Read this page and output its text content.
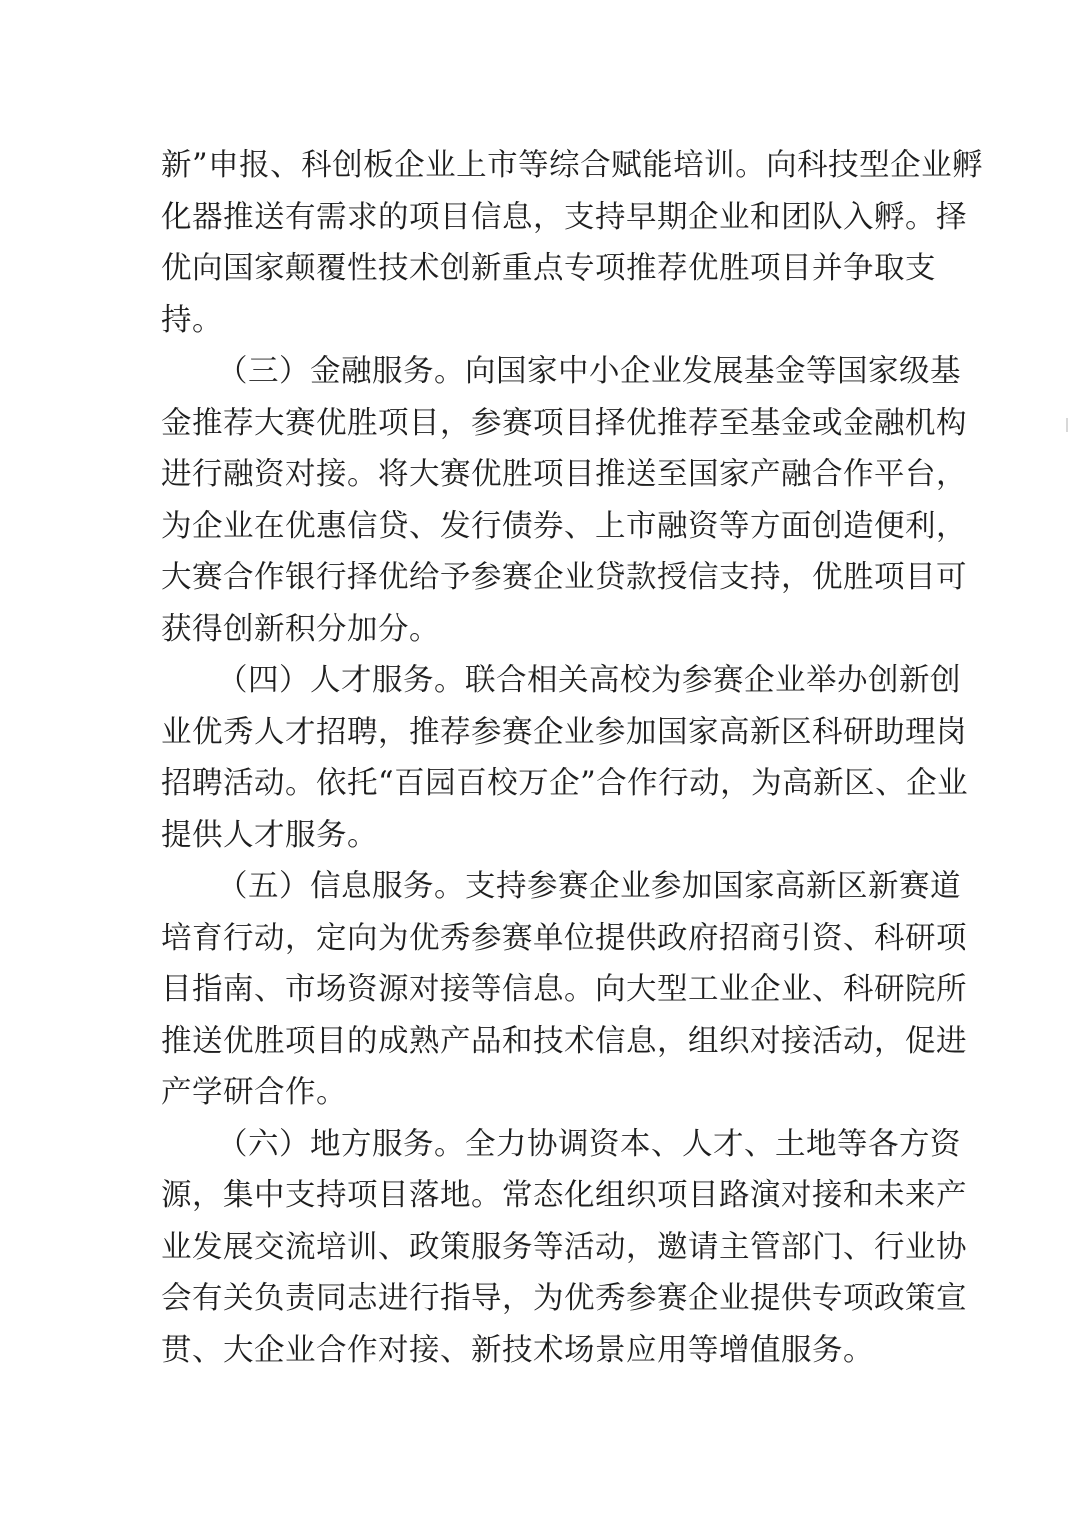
新”申报、科创板企业上市等综合赋能培训。向科技型企业孵
化器推送有需求的项目信息，支持早期企业和团队入孵。择
优向国家颠覆性技术创新重点专项推荐优胜项目并争取支
持。
（三）金融服务。向国家中小企业发展基金等国家级基
金推荐大赛优胜项目，参赛项目择优推荐至基金或金融机构
进行融资对接。将大赛优胜项目推送至国家产融合作平台，
为企业在优惠信贷、发行债券、上市融资等方面创造便利，
大赛合作银行择优给予参赛企业贷款授信支持，优胜项目可
获得创新积分加分。
（四）人才服务。联合相关高校为参赛企业举办创新创
业优秀人才招聘，推荐参赛企业参加国家高新区科研助理岗
招聘活动。依托“百园百校万企”合作行动，为高新区、企业
提供人才服务。
（五）信息服务。支持参赛企业参加国家高新区新赛道
培育行动，定向为优秀参赛单位提供政府招商引资、科研项
目指南、市场资源对接等信息。向大型工业企业、科研院所
推送优胜项目的成熟产品和技术信息，组织对接活动，促进
产学研合作。
（六）地方服务。全力协调资本、人才、土地等各方资
源，集中支持项目落地。常态化组织项目路演对接和未来产
业发展交流培训、政策服务等活动，邀请主管部门、行业协
会有关负责同志进行指导，为优秀参赛企业提供专项政策宣
贯、大企业合作对接、新技术场景应用等增值服务。
